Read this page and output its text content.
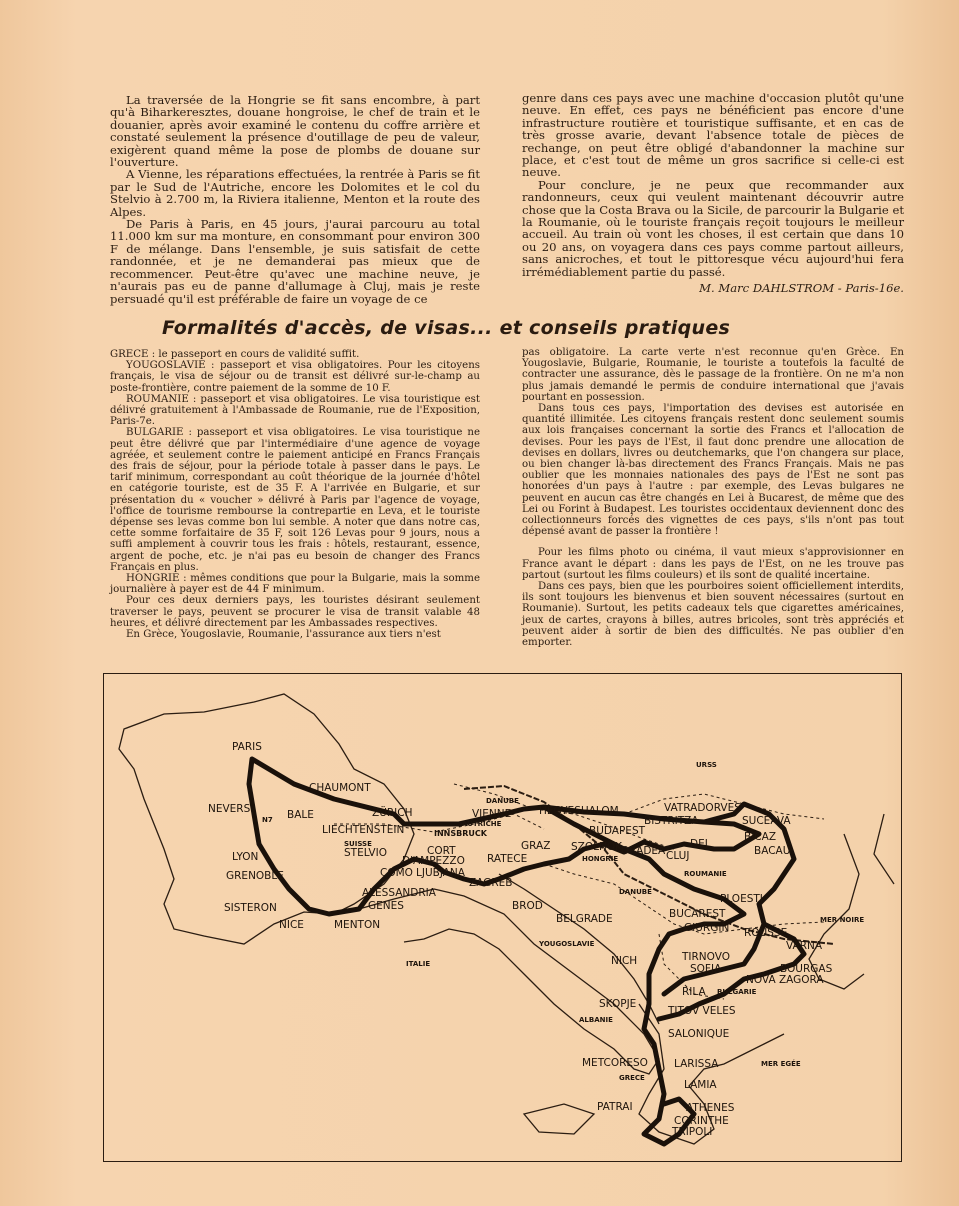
La traversée de la Hongrie se fit sans encombre, à part qu'à Biharkeresztes, douane hongroise, le chef de train et le douanier, après avoir examiné le contenu du coffre arrière et constaté seulement la présence d'outillage de peu de valeur, exigèrent quand même la pose de plombs de douane sur l'ouverture.

A Vienne, les réparations effectuées, la rentrée à Paris se fit par le Sud de l'Autriche, encore les Dolomites et le col du Stelvio à 2.700 m, la Riviera italienne, Menton et la route des Alpes.

De Paris à Paris, en 45 jours, j'aurai parcouru au total 11.000 km sur ma monture, en consommant pour environ 300 F de mélange. Dans l'ensemble, je suis satisfait de cette randonnée, et je ne demanderai pas mieux que de recommencer. Peut-être qu'avec une machine neuve, je n'aurais pas eu de panne d'allumage à Cluj, mais je reste persuadé qu'il est préférable de faire un voyage de ce

genre dans ces pays avec une machine d'occasion plutôt qu'une neuve. En effet, ces pays ne bénéficient pas encore d'une infrastructure routière et touristique suffisante, et en cas de très grosse avarie, devant l'absence totale de pièces de rechange, on peut être obligé d'abandonner la machine sur place, et c'est tout de même un gros sacrifice si celle-ci est neuve.

Pour conclure, je ne peux que recommander aux randonneurs, ceux qui veulent maintenant découvrir autre chose que la Costa Brava ou la Sicile, de parcourir la Bulgarie et la Roumanie, où le touriste français reçoit toujours le meilleur accueil. Au train où vont les choses, il est certain que dans 10 ou 20 ans, on voyagera dans ces pays comme partout ailleurs, sans anicroches, et tout le pittoresque vécu aujourd'hui fera irrémédiablement partie du passé.

M. Marc DAHLSTROM - Paris-16e.
Formalités d'accès, de visas... et conseils pratiques

GRECE : le passeport en cours de validité suffit.

YOUGOSLAVIE : passeport et visa obligatoires. Pour les citoyens français, le visa de séjour ou de transit est délivré sur-le-champ au poste-frontière, contre paiement de la somme de 10 F.

ROUMANIE : passeport et visa obligatoires. Le visa touristique est délivré gratuitement à l'Ambassade de Roumanie, rue de l'Exposition, Paris-7e.

BULGARIE : passeport et visa obligatoires. Le visa touristique ne peut être délivré que par l'intermédiaire d'une agence de voyage agréée, et seulement contre le paiement anticipé en Francs Français des frais de séjour, pour la période totale à passer dans le pays. Le tarif minimum, correspondant au coût théorique de la journée d'hôtel en catégorie touriste, est de 35 F. A l'arrivée en Bulgarie, et sur présentation du « voucher » délivré à Paris par l'agence de voyage, l'office de tourisme rembourse la contrepartie en Leva, et le touriste dépense ses levas comme bon lui semble. A noter que dans notre cas, cette somme forfaitaire de 35 F, soit 126 Levas pour 9 jours, nous a suffi amplement à couvrir tous les frais : hôtels, restaurant, essence, argent de poche, etc. je n'ai pas eu besoin de changer des Francs Français en plus.

HONGRIE : mêmes conditions que pour la Bulgarie, mais la somme journalière à payer est de 44 F minimum.

Pour ces deux derniers pays, les touristes désirant seulement traverser le pays, peuvent se procurer le visa de transit valable 48 heures, et délivré directement par les Ambassades respectives.

En Grèce, Yougoslavie, Roumanie, l'assurance aux tiers n'est

pas obligatoire. La carte verte n'est reconnue qu'en Grèce. En Yougoslavie, Bulgarie, Roumanie, le touriste a toutefois la faculté de contracter une assurance, dès le passage de la frontière. On ne m'a non plus jamais demandé le permis de conduire international que j'avais pourtant en possession.

Dans tous ces pays, l'importation des devises est autorisée en quantité illimitée. Les citoyens français restent donc seulement soumis aux lois françaises concernant la sortie des Francs et l'allocation de devises. Pour les pays de l'Est, il faut donc prendre une allocation de devises en dollars, livres ou deutchemarks, que l'on changera sur place, ou bien changer là-bas directement des Francs Français. Mais ne pas oublier que les monnaies nationales des pays de l'Est ne sont pas honorées d'un pays à l'autre : par exemple, des Levas bulgares ne peuvent en aucun cas être changés en Lei à Bucarest, de même que des Lei ou Forint à Budapest. Les touristes occidentaux deviennent donc des collectionneurs forcés des vignettes de ces pays, s'ils n'ont pas tout dépensé avant de passer la frontière !

Pour les films photo ou cinéma, il vaut mieux s'approvisionner en France avant le départ : dans les pays de l'Est, on ne les trouve pas partout (surtout les films couleurs) et ils sont de qualité incertaine.

Dans ces pays, bien que les pourboires soient officiellement interdits, ils sont toujours les bienvenus et bien souvent nécessaires (surtout en Roumanie). Surtout, les petits cadeaux tels que cigarettes américaines, jeux de cartes, crayons à billes, autres bricoles, sont très appréciés et peuvent aider à sortir de bien des difficultés. Ne pas oublier d'en emporter.

PARIS
CHAUMONT
NEVERS	BALE	ZÜRICH
LIECHTENSTEIN
SUISSE
STELVIO
INNSBRUCK
AUTRICHE
CORT
D'AMPEZZO
COMO LJUBJANA
RATECE
LYON
GRENOBLE
ALESSANDRIA
GENES
SISTERON
NICE	MENTON
VIENNE
DANUBE
HEGYESHALOM
BUDAPEST
GRAZ SZOLNOK
HONGRIE
ORADEA CLUJ
DEJ
BISTRITZA
VATRADORVES
SUCEAVA
BICAZ
BACAU
URSS
ROUMANIE
PLOESTI
BUCAREST
GIURGIN
DANUBE
ZAGREB
BROD
BELGRADE
YOUGOSLAVIE
ITALIE
ROUSSE
VARNA
MER NOIRE
TIRNOVO
SOFIA
NICH
BOURGAS
NOVA ZAGORA
RILA BULGARIE
SKOPJE
TITOV VELES
ALBANIE
SALONIQUE
METCORESO LARISSA
GRECE
MER EGÉE
LAMIA
PATRAI	ATHENES
CORINTHE
TRIPOLI
N7
